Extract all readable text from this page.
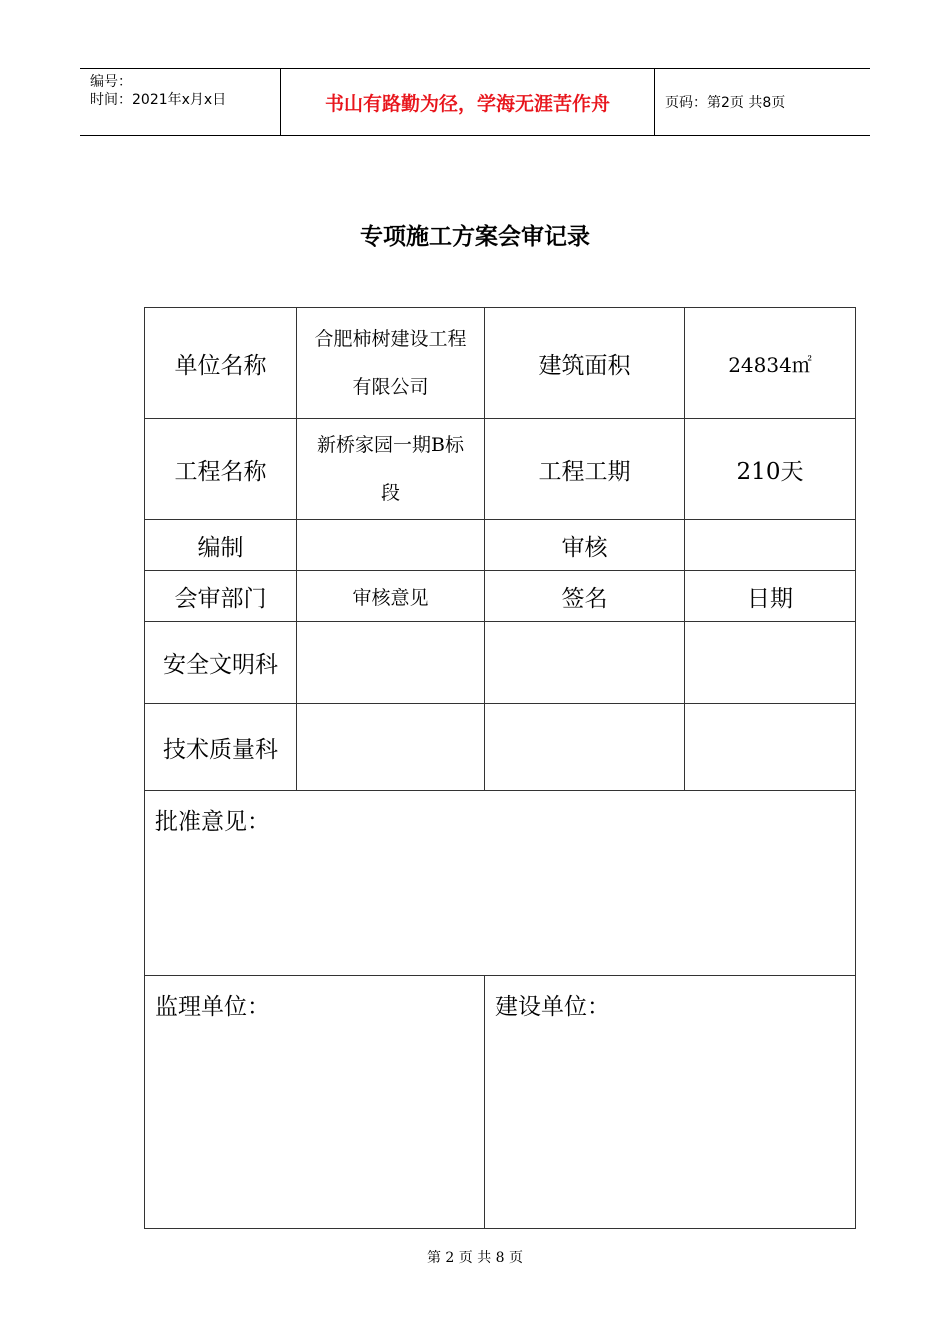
编号：
时间：2021年x月x日	书山有路勤为径，学海无涯苦作舟	页码：第2页 共8页
专项施工方案会审记录
单位名称	合肥柿树建设工程有限公司	建筑面积	24834㎡
工程名称	新桥家园一期B标段	工程工期	210天
编制		审核	
会审部门	审核意见	签名	日期
安全文明科			
技术质量科			
批准意见：			
监理单位：		建设单位：	
第 2 页 共 8 页
